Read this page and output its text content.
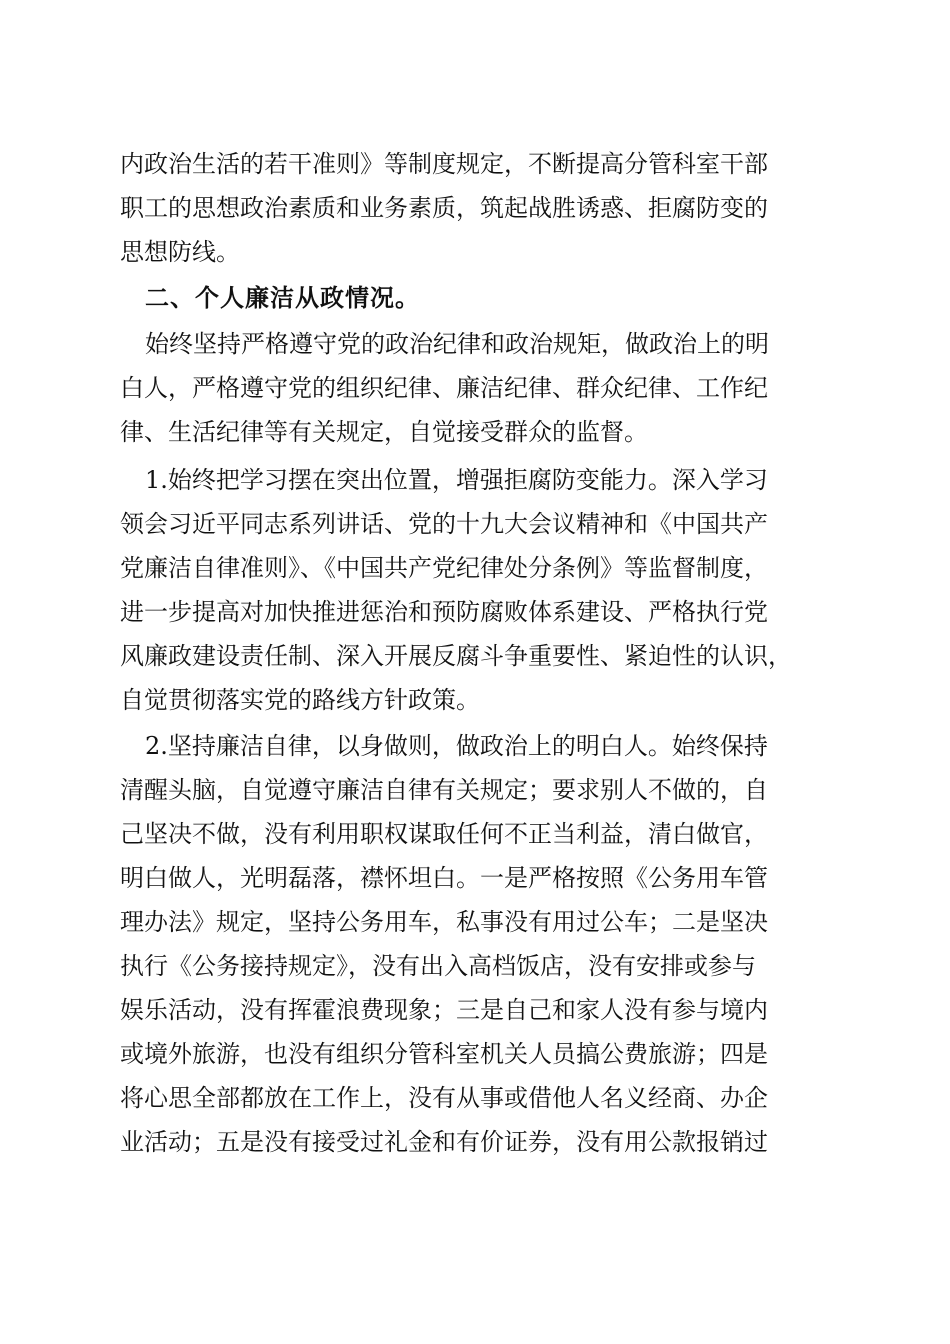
内政治生活的若干准则》等制度规定，不断提高分管科室干部
职工的思想政治素质和业务素质，筑起战胜诱惑、拒腐防变的
思想防线。
二、个人廉洁从政情况。
始终坚持严格遵守党的政治纪律和政治规矩，做政治上的明
白人，严格遵守党的组织纪律、廉洁纪律、群众纪律、工作纪
律、生活纪律等有关规定，自觉接受群众的监督。
1.始终把学习摆在突出位置，增强拒腐防变能力。深入学习
领会习近平同志系列讲话、党的十九大会议精神和《中国共产
党廉洁自律准则》、《中国共产党纪律处分条例》等监督制度，
进一步提高对加快推进惩治和预防腐败体系建设、严格执行党
风廉政建设责任制、深入开展反腐斗争重要性、紧迫性的认识，
自觉贯彻落实党的路线方针政策。
2.坚持廉洁自律，以身做则，做政治上的明白人。始终保持
清醒头脑，自觉遵守廉洁自律有关规定；要求别人不做的，自
己坚决不做，没有利用职权谋取任何不正当利益，清白做官，
明白做人，光明磊落，襟怀坦白。一是严格按照《公务用车管
理办法》规定，坚持公务用车，私事没有用过公车；二是坚决
执行《公务接持规定》，没有出入高档饭店，没有安排或参与
娱乐活动，没有挥霍浪费现象；三是自己和家人没有参与境内
或境外旅游，也没有组织分管科室机关人员搞公费旅游；四是
将心思全部都放在工作上，没有从事或借他人名义经商、办企
业活动；五是没有接受过礼金和有价证券，没有用公款报销过
